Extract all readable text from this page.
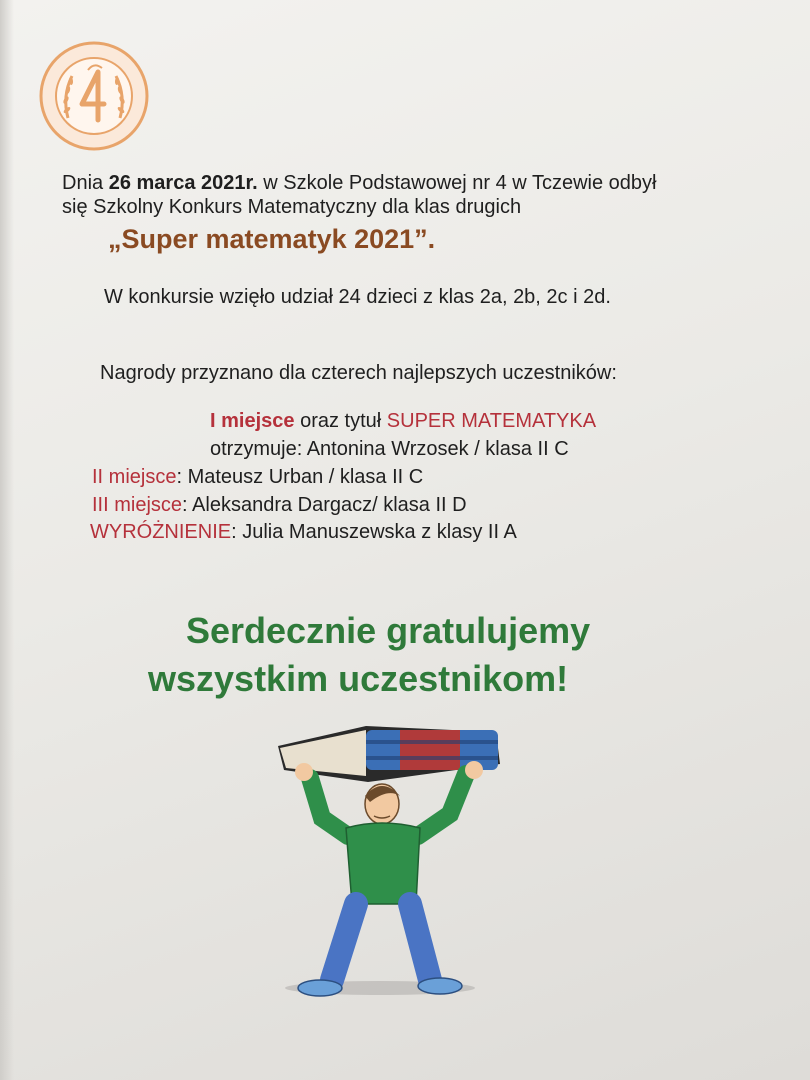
Dnia 26 marca 2021r. w Szkole Podstawowej nr 4 w Tczewie odbył
się Szkolny Konkurs Matematyczny dla klas drugich
„Super matematyk 2021”.
W konkursie wzięło udział 24 dzieci z klas 2a, 2b, 2c i 2d.
Nagrody przyznano dla czterech najlepszych uczestników:
I miejsce oraz tytuł SUPER MATEMATYKA
otrzymuje: Antonina Wrzosek / klasa II C
II miejsce: Mateusz Urban / klasa II C
III miejsce: Aleksandra Dargacz/ klasa II D
WYRÓŻNIENIE: Julia Manuszewska z klasy II A
Serdecznie gratulujemy
wszystkim uczestnikom!
